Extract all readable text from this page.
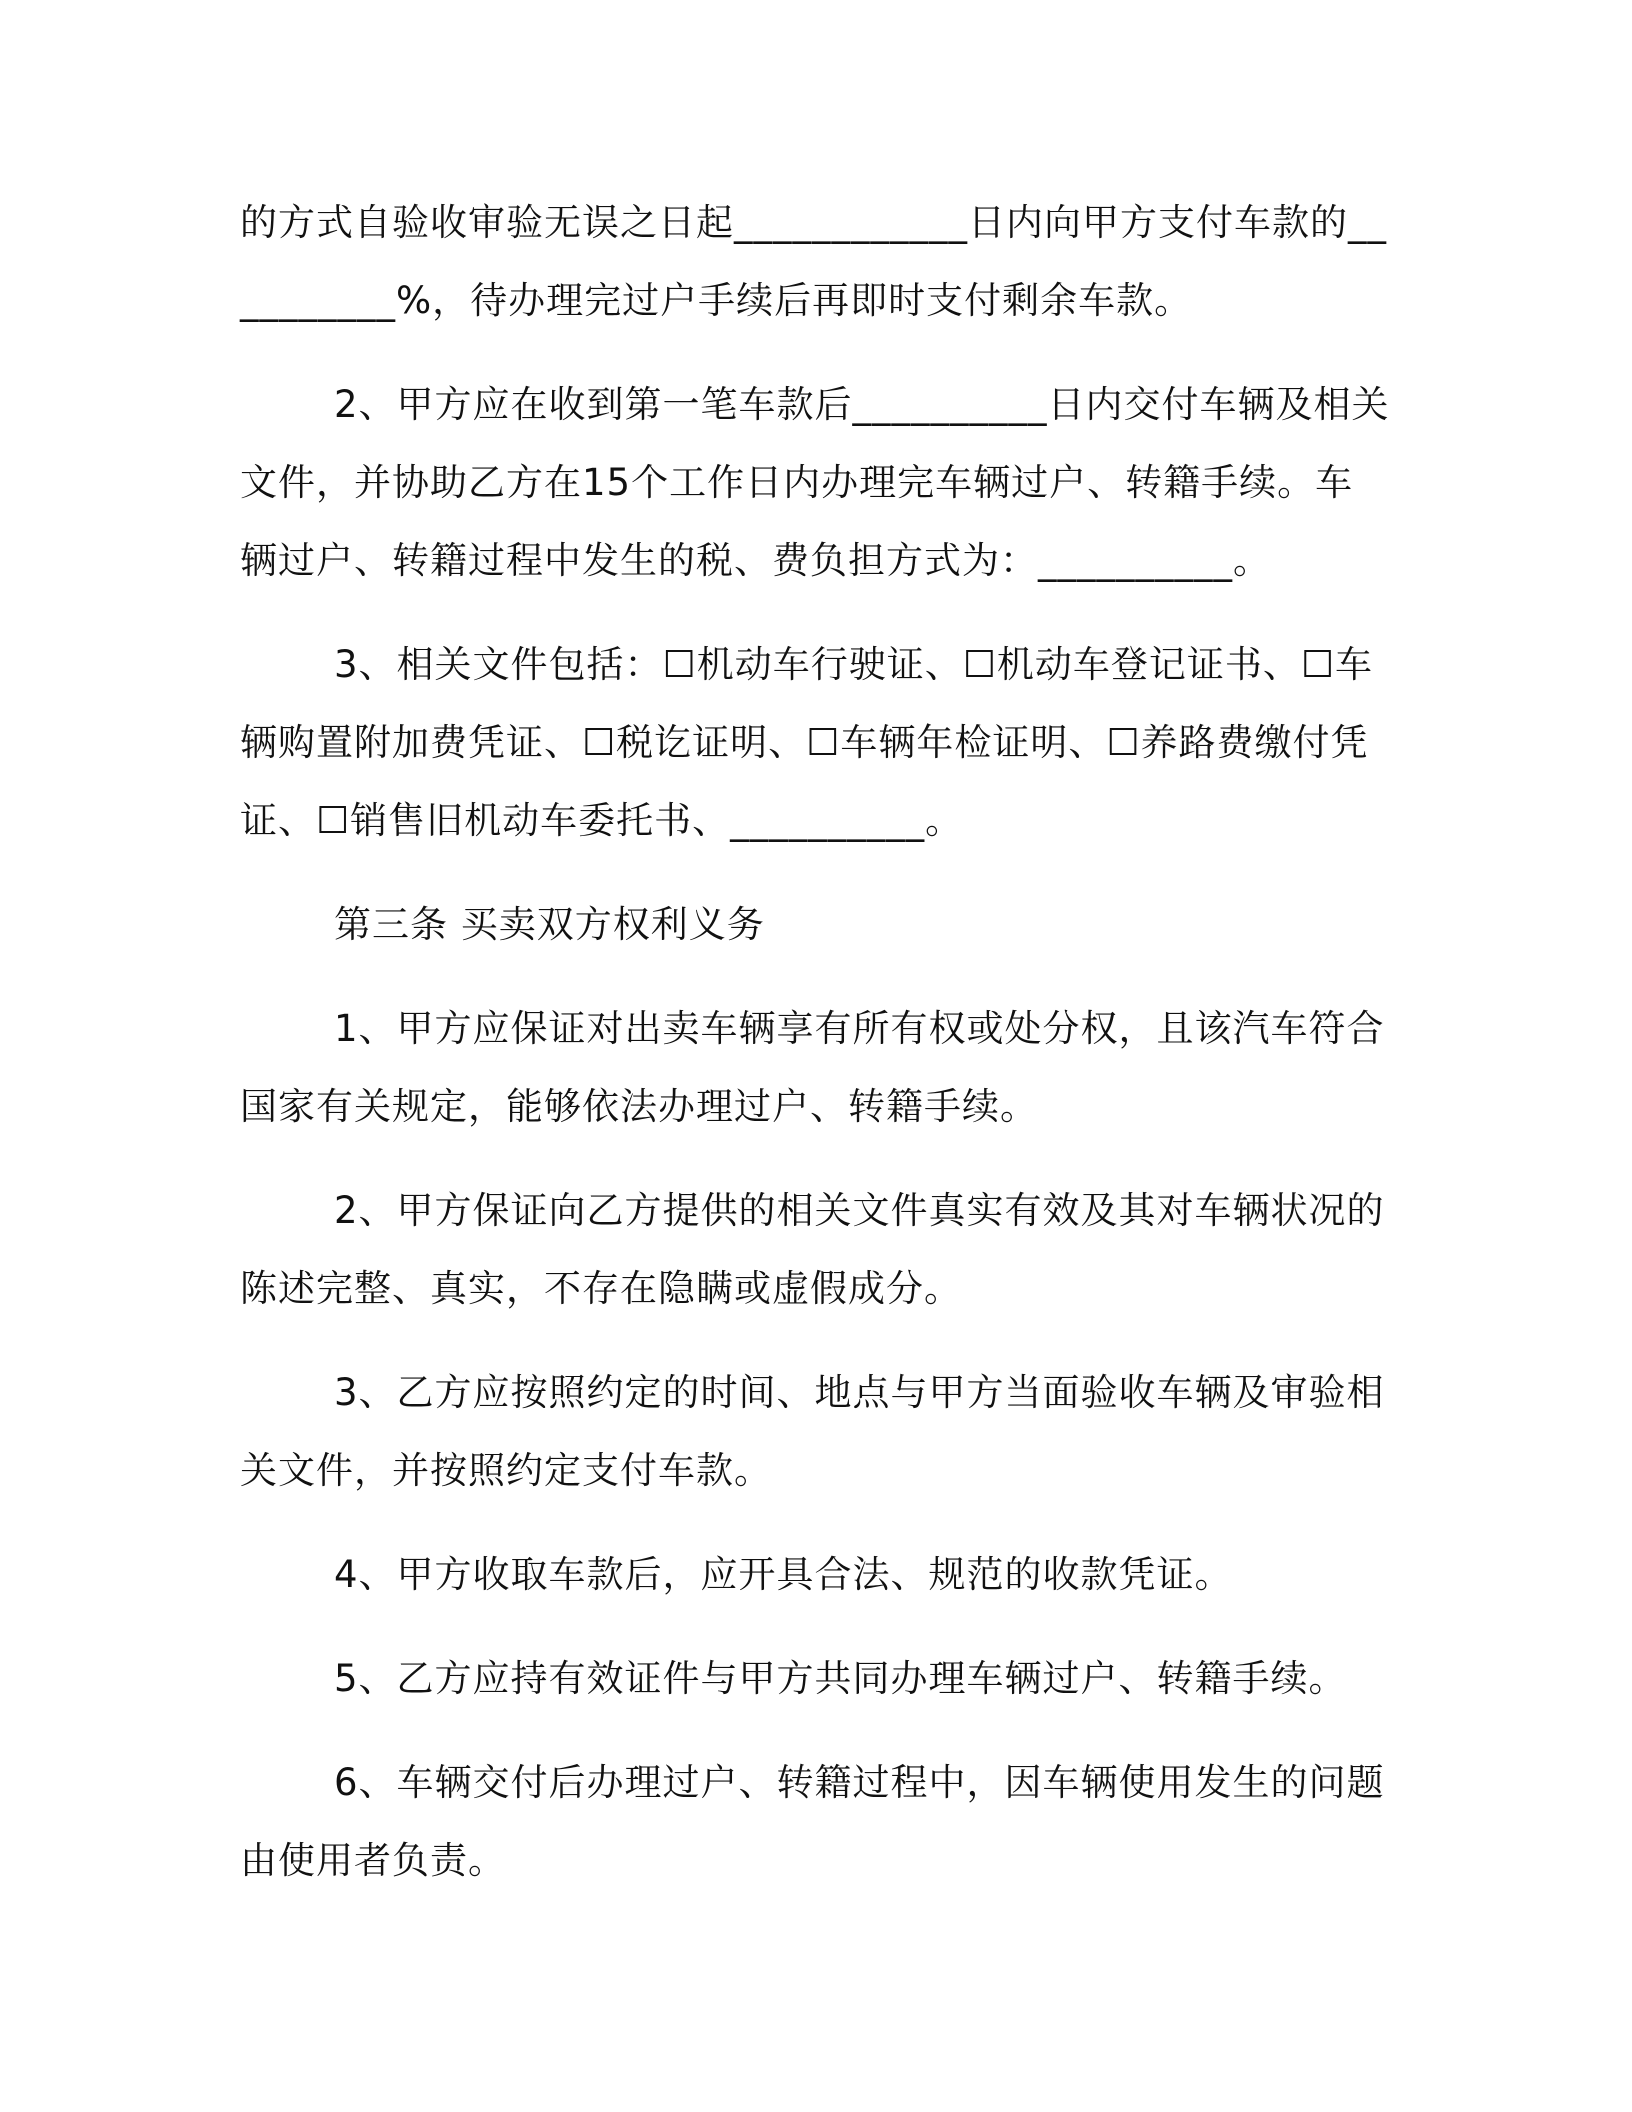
的方式自验收审验无误之日起____________日内向甲方支付车款的__________%，待办理完过户手续后再即时支付剩余车款。

2、甲方应在收到第一笔车款后__________日内交付车辆及相关文件，并协助乙方在15个工作日内办理完车辆过户、转籍手续。车辆过户、转籍过程中发生的税、费负担方式为：__________。

3、相关文件包括：☐机动车行驶证、☐机动车登记证书、☐车辆购置附加费凭证、☐税讫证明、☐车辆年检证明、☐养路费缴付凭证、☐销售旧机动车委托书、__________。

第三条 买卖双方权利义务

1、甲方应保证对出卖车辆享有所有权或处分权，且该汽车符合国家有关规定，能够依法办理过户、转籍手续。

2、甲方保证向乙方提供的相关文件真实有效及其对车辆状况的陈述完整、真实，不存在隐瞒或虚假成分。

3、乙方应按照约定的时间、地点与甲方当面验收车辆及审验相关文件，并按照约定支付车款。

4、甲方收取车款后，应开具合法、规范的收款凭证。

5、乙方应持有效证件与甲方共同办理车辆过户、转籍手续。

6、车辆交付后办理过户、转籍过程中，因车辆使用发生的问题由使用者负责。
